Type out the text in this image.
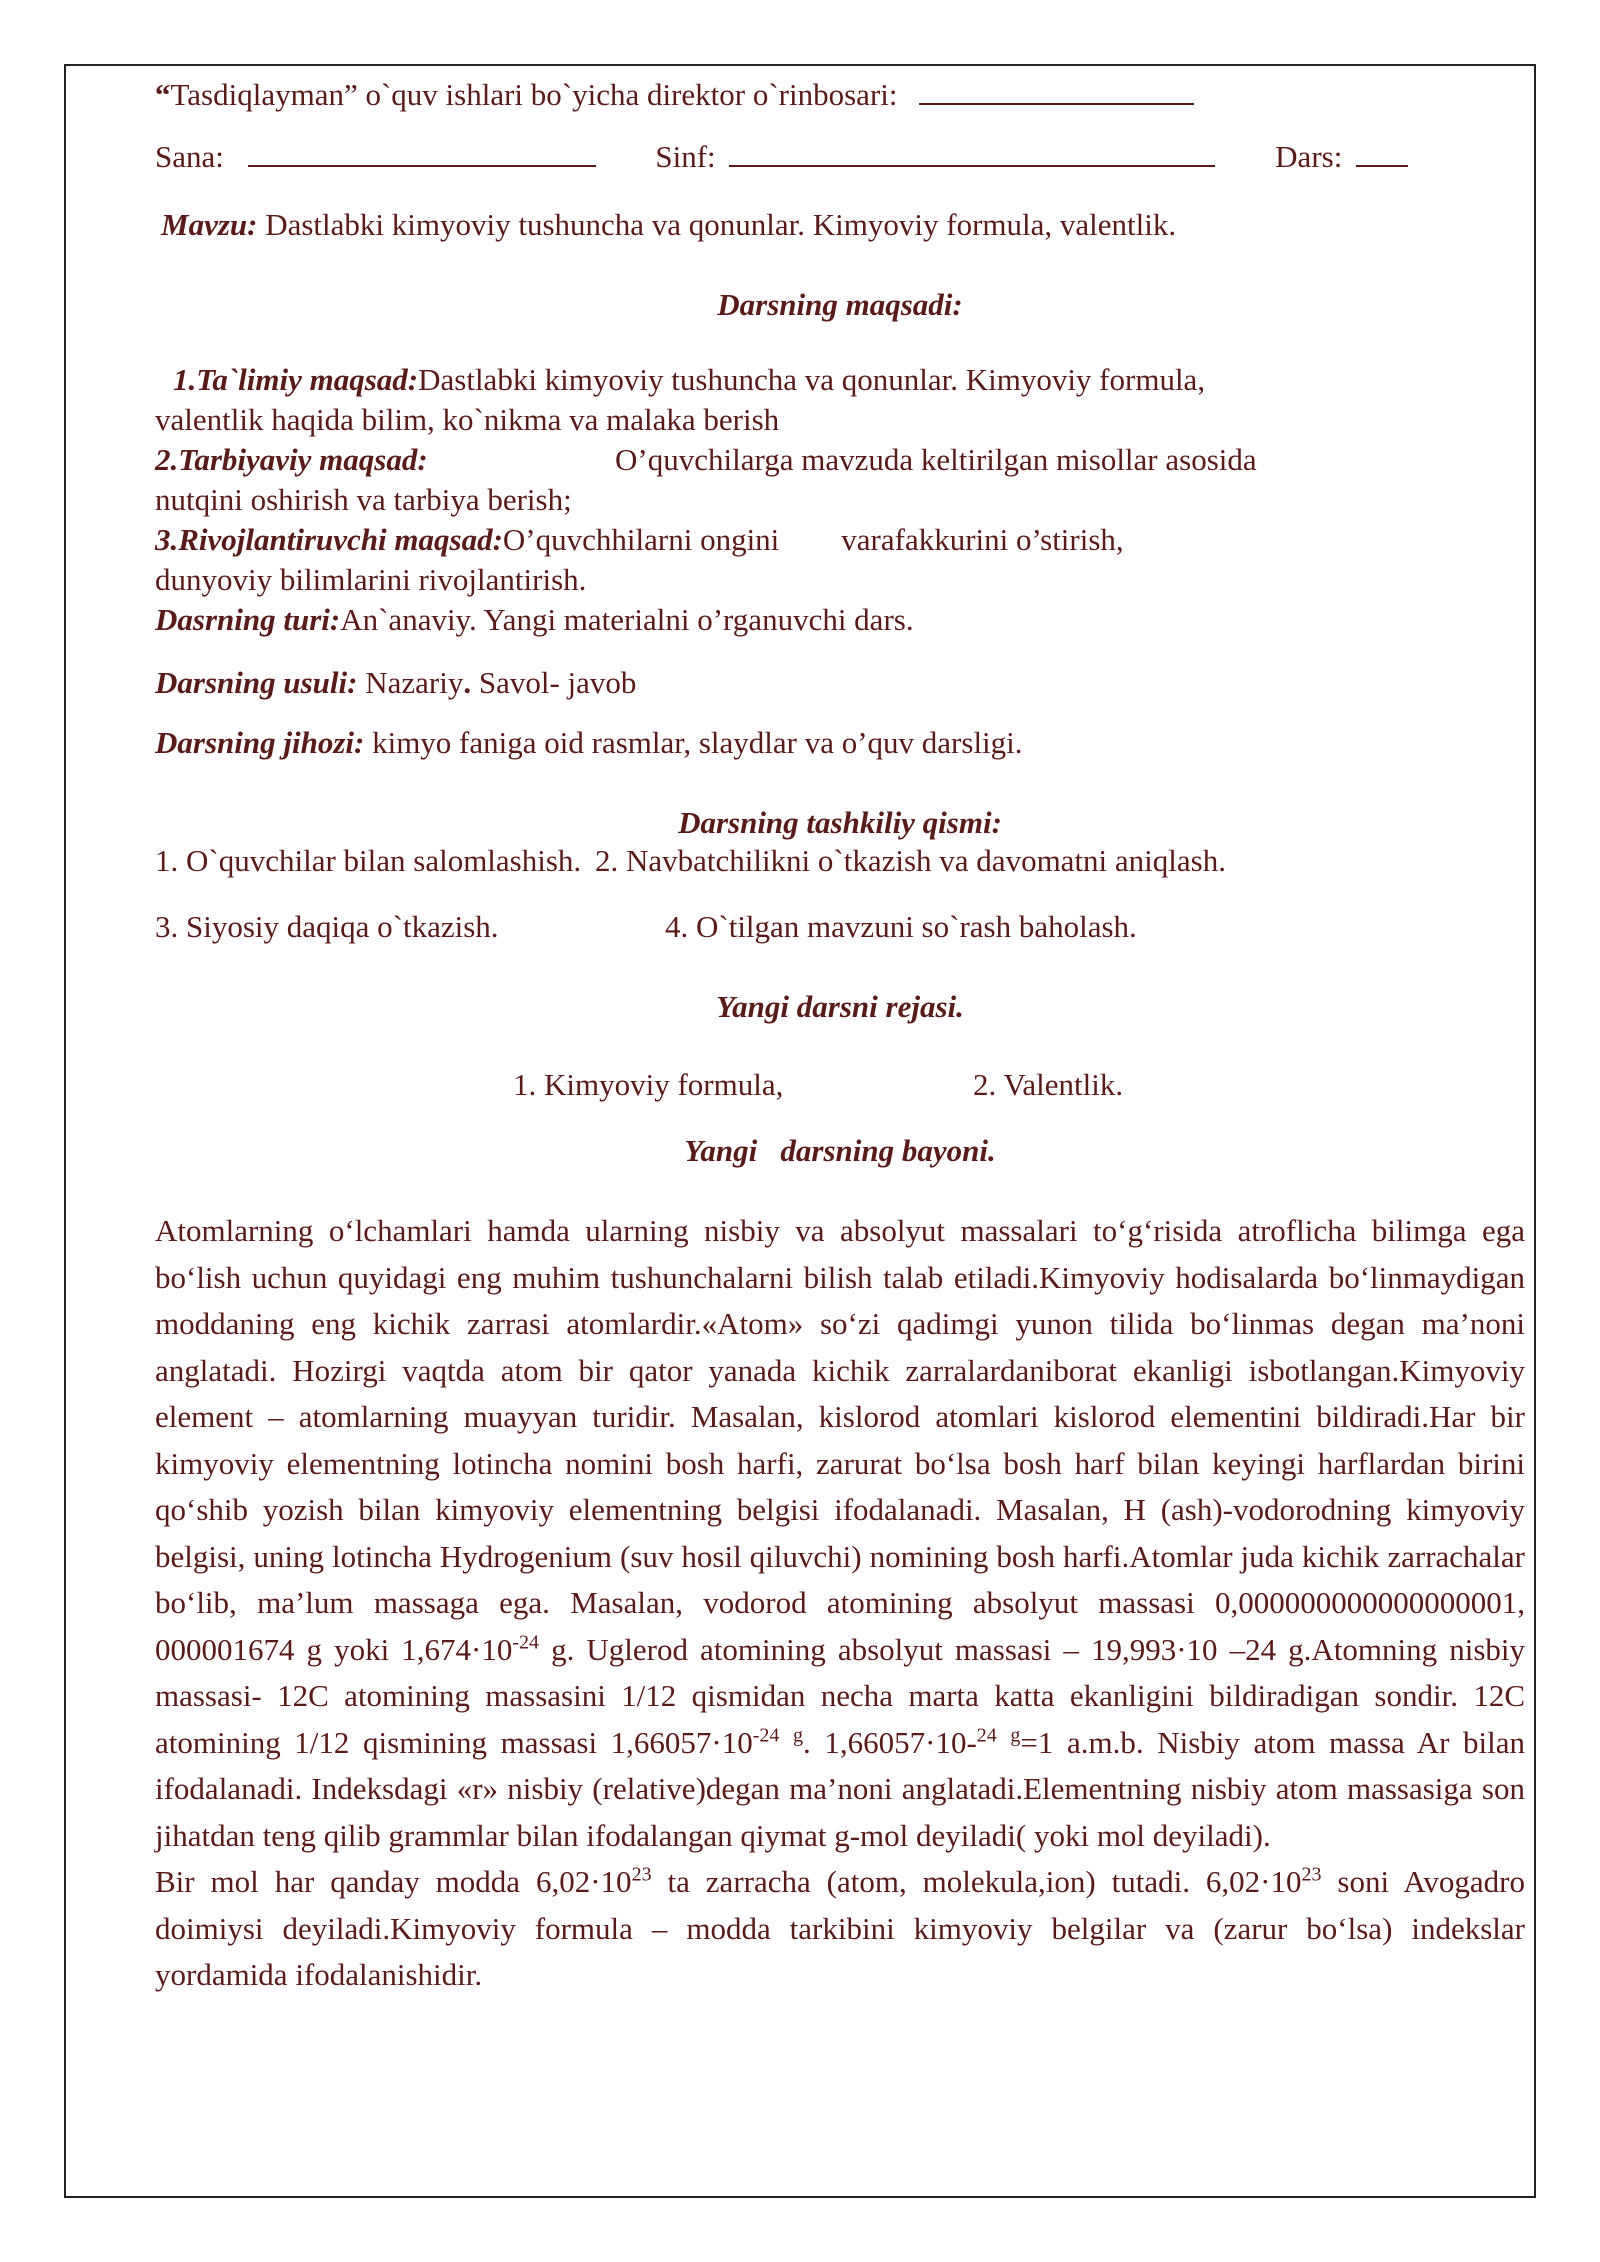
“Tasdiqlayman” o`quv ishlari bo`yicha direktor o`rinbosari:
Sana:	Sinf:	Dars:
Mavzu: Dastlabki kimyoviy tushuncha va qonunlar. Kimyoviy formula, valentlik.
Darsning maqsadi:
1.Ta`limiy maqsad:Dastlabki kimyoviy tushuncha va qonunlar. Kimyoviy formula,
valentlik haqida bilim, ko`nikma va malaka berish
2.Tarbiyaviy maqsad:	O’quvchilarga mavzuda keltirilgan misollar asosida
nutqini oshirish va tarbiya berish;
3.Rivojlantiruvchi maqsad:O’quvchhilarni ongini varafakkurini o’stirish,
dunyoviy bilimlarini rivojlantirish.
Dasrning turi:An`anaviy. Yangi materialni o’rganuvchi dars.
Darsning usuli: Nazariy. Savol- javob
Darsning jihozi: kimyo faniga oid rasmlar, slaydlar va o’quv darsligi.
Darsning tashkiliy qismi:
1. O`quvchilar bilan salomlashish. 2. Navbatchilikni o`tkazish va davomatni aniqlash.
3. Siyosiy daqiqa o`tkazish.	4. O`tilgan mavzuni so`rash baholash.
Yangi darsni rejasi.
1. Kimyoviy formula,	2. Valentlik.
Yangi   darsning bayoni.
Atomlarning o‘lchamlari hamda ularning nisbiy va absolyut massalari to‘g‘risida atroflicha bilimga ega bo‘lish uchun quyidagi eng muhim tushunchalarni bilish talab etiladi.Kimyoviy hodisalarda bo‘linmaydigan moddaning eng kichik zarrasi atomlardir.«Atom» so‘zi qadimgi yunon tilida bo‘linmas degan ma’noni anglatadi. Hozirgi vaqtda atom bir qator yanada kichik zarralardaniborat ekanligi isbotlangan.Kimyoviy element – atomlarning muayyan turidir. Masalan, kislorod atomlari kislorod elementini bildiradi.Har bir kimyoviy elementning lotincha nomini bosh harfi, zarurat bo‘lsa bosh harf bilan keyingi harflardan birini qo‘shib yozish bilan kimyoviy elementning belgisi ifodalanadi. Masalan, H (ash)-vodorodning kimyoviy belgisi, uning lotincha Hydrogenium (suv hosil qiluvchi) nomining bosh harfi.Atomlar juda kichik zarrachalar bo‘lib, ma’lum massaga ega. Masalan, vodorod atomining absolyut massasi 0,000000000000000001, 000001674 g yoki $1,674\cdot 10^{-24}$ g. Uglerod atomining absolyut massasi – 19,993·10 –24 g.Atomning nisbiy massasi- 12C atomining massasini 1/12 qismidan necha marta katta ekanligini bildiradigan sondir. 12C atomining 1/12 qismining massasi $1,66057\cdot 10^{-24}$ $^g$. 1,66057·10-$^{24}$ $^g$=1 a.m.b. Nisbiy atom massa Ar bilan ifodalanadi. Indeksdagi «r» nisbiy (relative)degan ma’noni anglatadi.Elementning nisbiy atom massasiga son jihatdan teng qilib grammlar bilan ifodalangan qiymat g-mol deyiladi( yoki mol deyiladi).
Bir mol har qanday modda $6,02\cdot 10^{23}$ ta zarracha (atom, molekula,ion) tutadi. $6,02\cdot 10^{23}$ soni Avogadro doimiysi deyiladi.Kimyoviy formula – modda tarkibini kimyoviy belgilar va (zarur bo‘lsa) indekslar yordamida ifodalanishidir.
